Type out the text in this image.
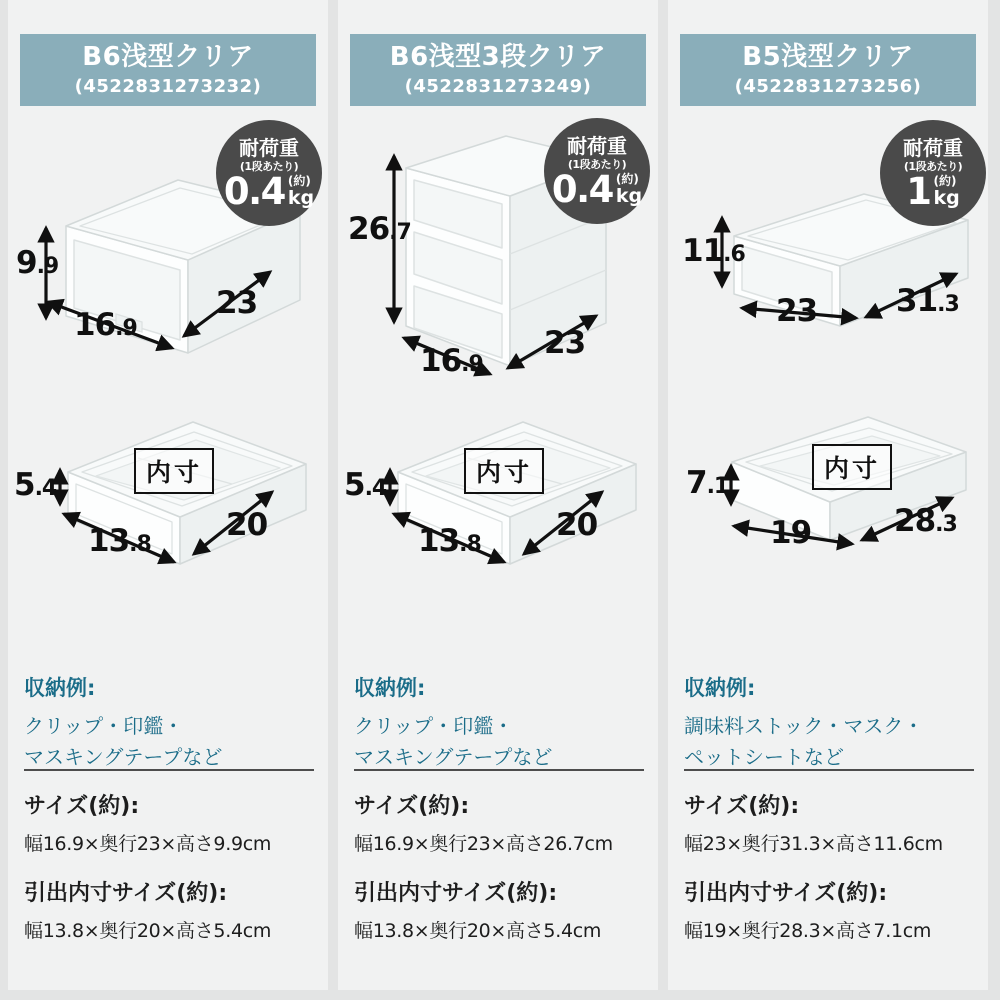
B6浅型クリア
(4522831273232)
9.9
16.9
23
耐荷重
(1段あたり)
0.4 (約)
kg
内寸
5.4
13.8
20
収納例:
クリップ・印鑑・
マスキングテープなど
サイズ(約):
幅16.9×奥行23×高さ9.9cm
引出内寸サイズ(約):
幅13.8×奥行20×高さ5.4cm
B6浅型3段クリア
(4522831273249)
26.7
16.9
23
耐荷重
(1段あたり)
0.4 (約)
kg
内寸
5.4
13.8
20
収納例:
クリップ・印鑑・
マスキングテープなど
サイズ(約):
幅16.9×奥行23×高さ26.7cm
引出内寸サイズ(約):
幅13.8×奥行20×高さ5.4cm
B5浅型クリア
(4522831273256)
11.6
23	31.3
耐荷重
(1段あたり)
1 (約)
kg
内寸
7.1
19	28.3
収納例:
調味料ストック・マスク・
ペットシートなど
サイズ(約):
幅23×奥行31.3×高さ11.6cm
引出内寸サイズ(約):
幅19×奥行28.3×高さ7.1cm
